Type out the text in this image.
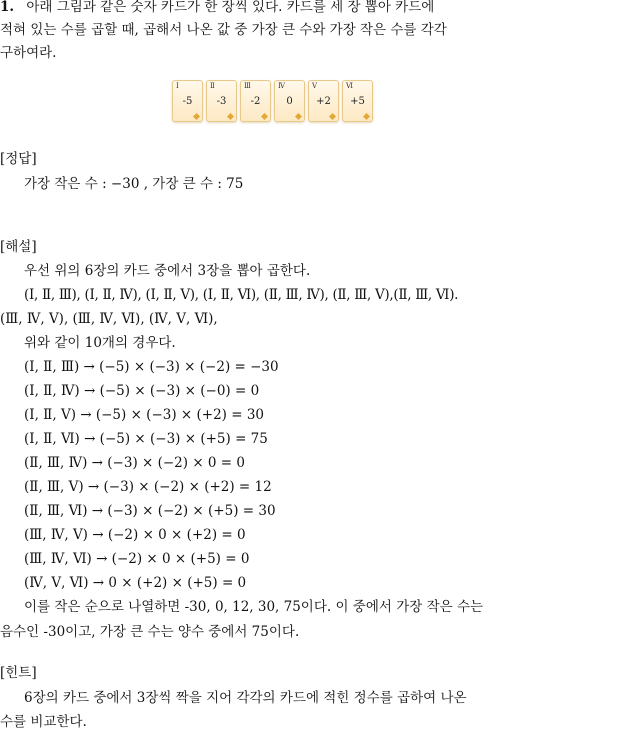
1. 아래 그림과 같은 숫자 카드가 한 장씩 있다. 카드를 세 장 뽑아 카드에
적혀 있는 수를 곱할 때, 곱해서 나온 값 중 가장 큰 수와 가장 작은 수를 각각
구하여라.
Ⅰ
-5
Ⅱ
-3
Ⅲ
-2
Ⅳ
0
Ⅴ
+2
Ⅵ
+5
[정답]
가장 작은 수 : −30 , 가장 큰 수 : 75
[해설]
우선 위의 6장의 카드 중에서 3장을 뽑아 곱한다.
(Ⅰ, Ⅱ, Ⅲ), (Ⅰ, Ⅱ, Ⅳ), (Ⅰ, Ⅱ, Ⅴ), (Ⅰ, Ⅱ, Ⅵ), (Ⅱ, Ⅲ, Ⅳ), (Ⅱ, Ⅲ, Ⅴ),(Ⅱ, Ⅲ, Ⅵ).
(Ⅲ, Ⅳ, Ⅴ), (Ⅲ, Ⅳ, Ⅵ), (Ⅳ, Ⅴ, Ⅵ),
위와 같이 10개의 경우다.
(Ⅰ, Ⅱ, Ⅲ) → (−5) × (−3) × (−2) = −30
(Ⅰ, Ⅱ, Ⅳ) → (−5) × (−3) × (−0) = 0
(Ⅰ, Ⅱ, Ⅴ) → (−5) × (−3) × (+2) = 30
(Ⅰ, Ⅱ, Ⅵ) → (−5) × (−3) × (+5) = 75
(Ⅱ, Ⅲ, Ⅳ) → (−3) × (−2) × 0 = 0
(Ⅱ, Ⅲ, Ⅴ) → (−3) × (−2) × (+2) = 12
(Ⅱ, Ⅲ, Ⅵ) → (−3) × (−2) × (+5) = 30
(Ⅲ, Ⅳ, Ⅴ) → (−2) × 0 × (+2) = 0
(Ⅲ, Ⅳ, Ⅵ) → (−2) × 0 × (+5) = 0
(Ⅳ, Ⅴ, Ⅵ) → 0 × (+2) × (+5) = 0
이를 작은 순으로 나열하면 -30, 0, 12, 30, 75이다. 이 중에서 가장 작은 수는
음수인 -30이고, 가장 큰 수는 양수 중에서 75이다.
[힌트]
6장의 카드 중에서 3장씩 짝을 지어 각각의 카드에 적힌 정수를 곱하여 나온
수를 비교한다.
